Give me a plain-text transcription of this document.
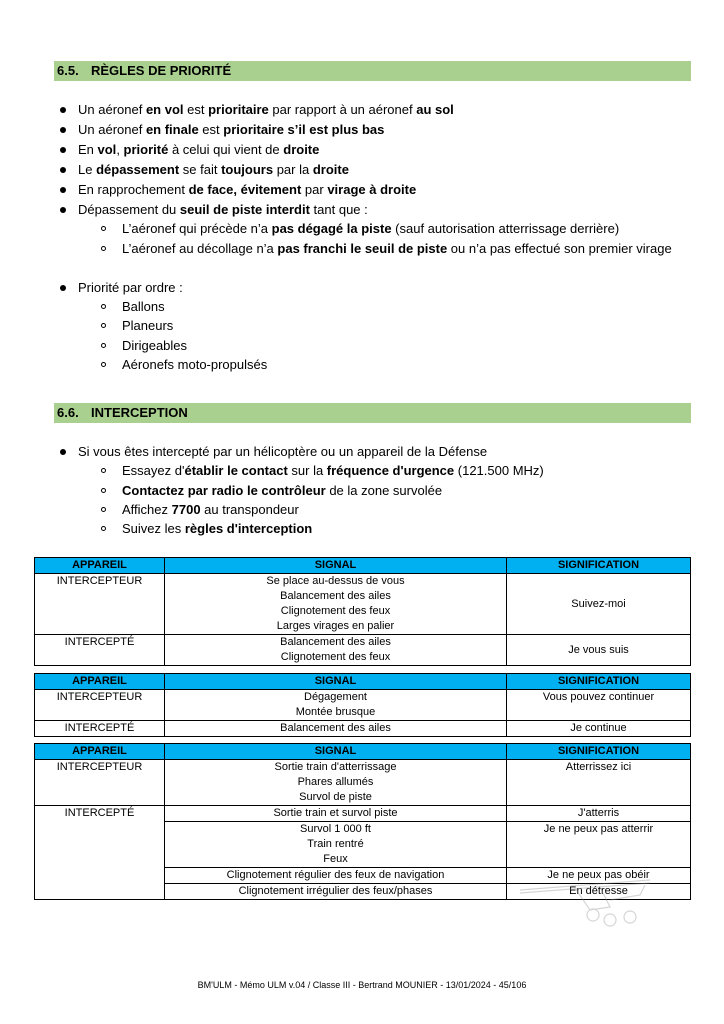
6.5. RÈGLES DE PRIORITÉ
Un aéronef en vol est prioritaire par rapport à un aéronef au sol
Un aéronef en finale est prioritaire s’il est plus bas
En vol, priorité à celui qui vient de droite
Le dépassement se fait toujours par la droite
En rapprochement de face, évitement par virage à droite
Dépassement du seuil de piste interdit tant que :
L’aéronef qui précède n’a pas dégagé la piste (sauf autorisation atterrissage derrière)
L’aéronef au décollage n’a pas franchi le seuil de piste ou n’a pas effectué son premier virage
Priorité par ordre :
Ballons
Planeurs
Dirigeables
Aéronefs moto-propulsés
6.6. INTERCEPTION
Si vous êtes intercepté par un hélicoptère ou un appareil de la Défense
Essayez d'établir le contact sur la fréquence d'urgence (121.500 MHz)
Contactez par radio le contrôleur de la zone survolée
Affichez 7700 au transpondeur
Suivez les règles d'interception
APPAREIL	SIGNAL	SIGNIFICATION
INTERCEPTEUR	Se place au-dessus de vous
Balancement des ailes
Clignotement des feux
Larges virages en palier	Suivez-moi
INTERCEPTÉ	Balancement des ailes
Clignotement des feux	Je vous suis
APPAREIL	SIGNAL	SIGNIFICATION
INTERCEPTEUR	Dégagement
Montée brusque	Vous pouvez continuer
INTERCEPTÉ	Balancement des ailes	Je continue
APPAREIL	SIGNAL	SIGNIFICATION
INTERCEPTEUR	Sortie train d'atterrissage
Phares allumés
Survol de piste	Atterrissez ici
INTERCEPTÉ	Sortie train et survol piste	J'atterris

	Survol 1 000 ft
Train rentré
Feux	Je ne peux pas atterrir

	Clignotement régulier des feux de navigation	Je ne peux pas obéir

	Clignotement irrégulier des feux/phases	En détresse
BM'ULM - Mémo ULM v.04 / Classe III - Bertrand MOUNIER - 13/01/2024 - 45/106
